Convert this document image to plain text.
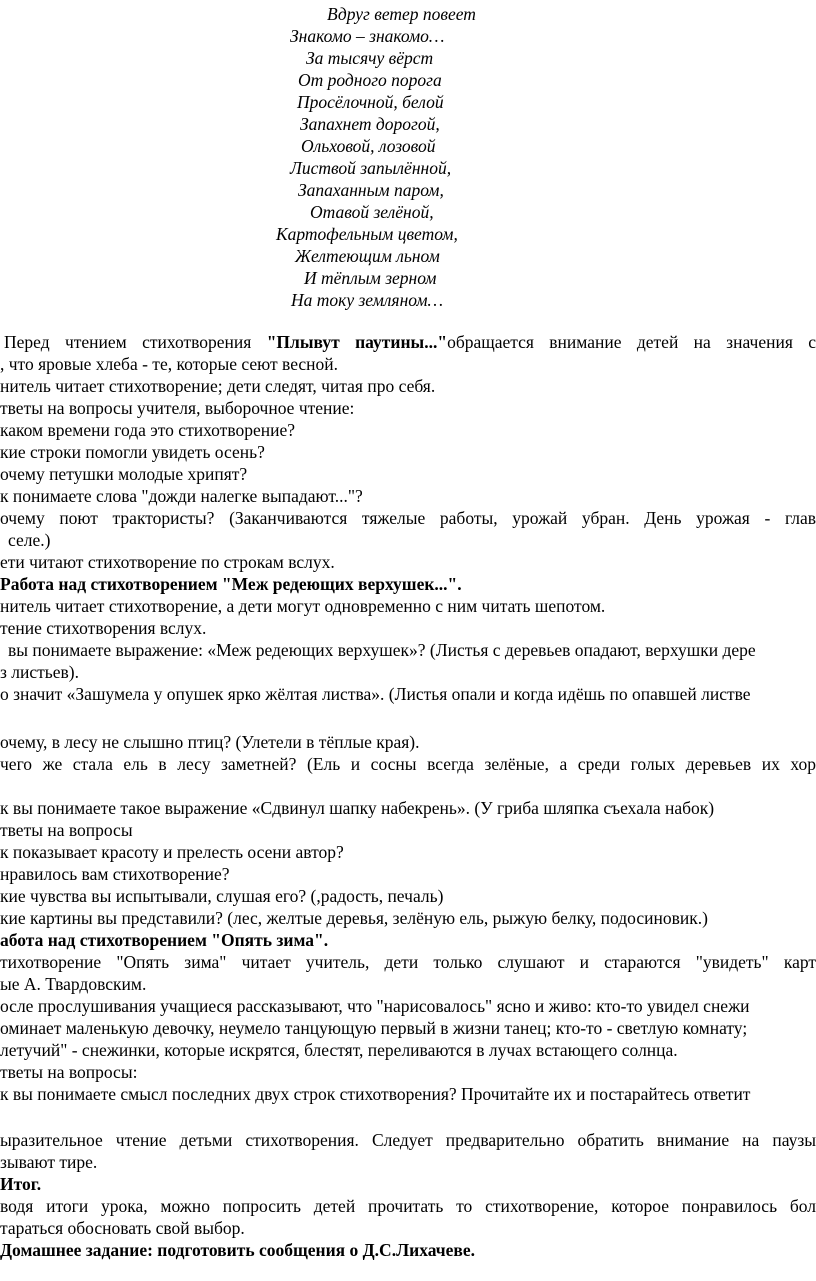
Вдруг ветер повеет
Знакомо – знакомо…
За тысячу вёрст
От родного порога
Просёлочной, белой
Запахнет дорогой,
Ольховой, лозовой
Листвой запылённой,
Запаханным паром,
Отавой зелёной,
Картофельным цветом,
Желтеющим льном
И тёплым зерном
На току земляном…
Перед чтением стихотворения "Плывут паутины..."обращается внимание детей на значения с
, что яровые хлеба - те, которые сеют весной.
нитель читает стихотворение; дети следят, читая про себя.
тветы на вопросы учителя, выборочное чтение:
каком времени года это стихотворение?
кие строки помогли увидеть осень?
очему петушки молодые хрипят?
к понимаете слова "дожди налегке выпадают..."?
очему поют трактористы? (Заканчиваются тяжелые работы, урожай убран. День урожая - глав
селе.)
ети читают стихотворение по строкам вслух.
Работа над стихотворением "Меж редеющих верхушек...".
нитель читает стихотворение, а дети могут одновременно с ним читать шепотом.
тение стихотворения вслух.
вы понимаете выражение: «Меж редеющих верхушек»? (Листья с деревьев опадают, верхушки дере
з листьев).
о значит «Зашумела у опушек ярко жёлтая листва». (Листья опали и когда идёшь по опавшей листве
очему, в лесу не слышно птиц? (Улетели в тёплые края).
чего же стала ель в лесу заметней? (Ель и сосны всегда зелёные, а среди голых деревьев их хор
к вы понимаете такое выражение «Сдвинул шапку набекрень». (У гриба шляпка съехала набок)
тветы на вопросы
к показывает красоту и прелесть осени автор?
нравилось вам стихотворение?
кие чувства вы испытывали, слушая его? (,радость, печаль)
кие картины вы представили? (лес, желтые деревья, зелёную ель, рыжую белку, подосиновик.)
абота над стихотворением "Опять зима".
тихотворение "Опять зима" читает учитель, дети только слушают и стараются "увидеть" карт
ые А. Твардовским.
осле прослушивания учащиеся рассказывают, что "нарисовалось" ясно и живо: кто-то увидел снежи
оминает маленькую девочку, неумело танцующую первый в жизни танец; кто-то - светлую комнату;
летучий" - снежинки, которые искрятся, блестят, переливаются в лучах встающего солнца.
тветы на вопросы:
к вы понимаете смысл последних двух строк стихотворения? Прочитайте их и постарайтесь ответит
ыразительное чтение детьми стихотворения. Следует предварительно обратить внимание на паузы
зывают тире.
Итог.
водя итоги урока, можно попросить детей прочитать то стихотворение, которое понравилось бол
тараться обосновать свой выбор.
Домашнее задание: подготовить сообщения о Д.С.Лихачеве.
